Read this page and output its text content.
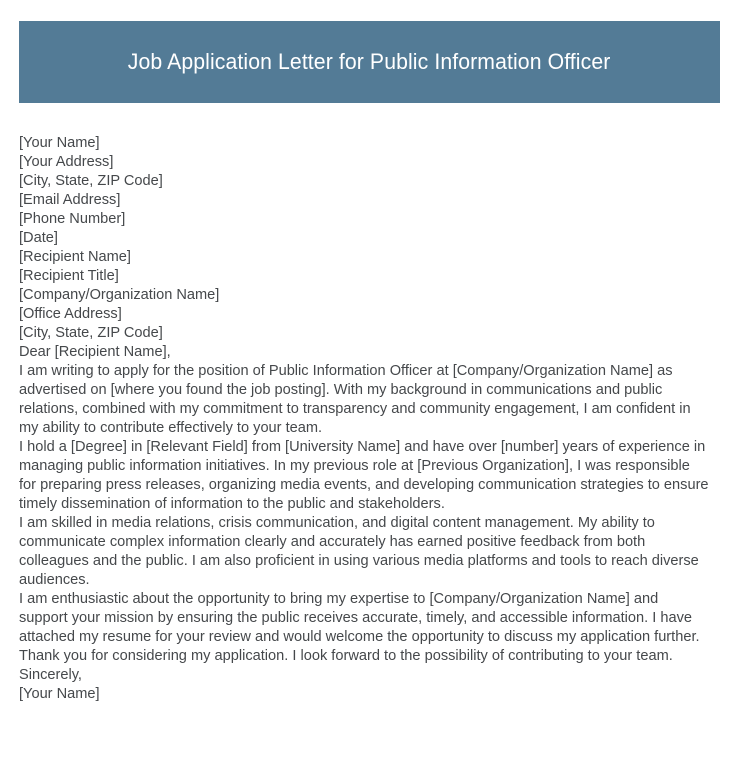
Job Application Letter for Public Information Officer
[Your Name]
[Your Address]
[City, State, ZIP Code]
[Email Address]
[Phone Number]
[Date]
[Recipient Name]
[Recipient Title]
[Company/Organization Name]
[Office Address]
[City, State, ZIP Code]
Dear [Recipient Name],
I am writing to apply for the position of Public Information Officer at [Company/Organization Name] as advertised on [where you found the job posting]. With my background in communications and public relations, combined with my commitment to transparency and community engagement, I am confident in my ability to contribute effectively to your team.
I hold a [Degree] in [Relevant Field] from [University Name] and have over [number] years of experience in managing public information initiatives. In my previous role at [Previous Organization], I was responsible for preparing press releases, organizing media events, and developing communication strategies to ensure timely dissemination of information to the public and stakeholders.
I am skilled in media relations, crisis communication, and digital content management. My ability to communicate complex information clearly and accurately has earned positive feedback from both colleagues and the public. I am also proficient in using various media platforms and tools to reach diverse audiences.
I am enthusiastic about the opportunity to bring my expertise to [Company/Organization Name] and support your mission by ensuring the public receives accurate, timely, and accessible information. I have attached my resume for your review and would welcome the opportunity to discuss my application further.
Thank you for considering my application. I look forward to the possibility of contributing to your team.
Sincerely,
[Your Name]
